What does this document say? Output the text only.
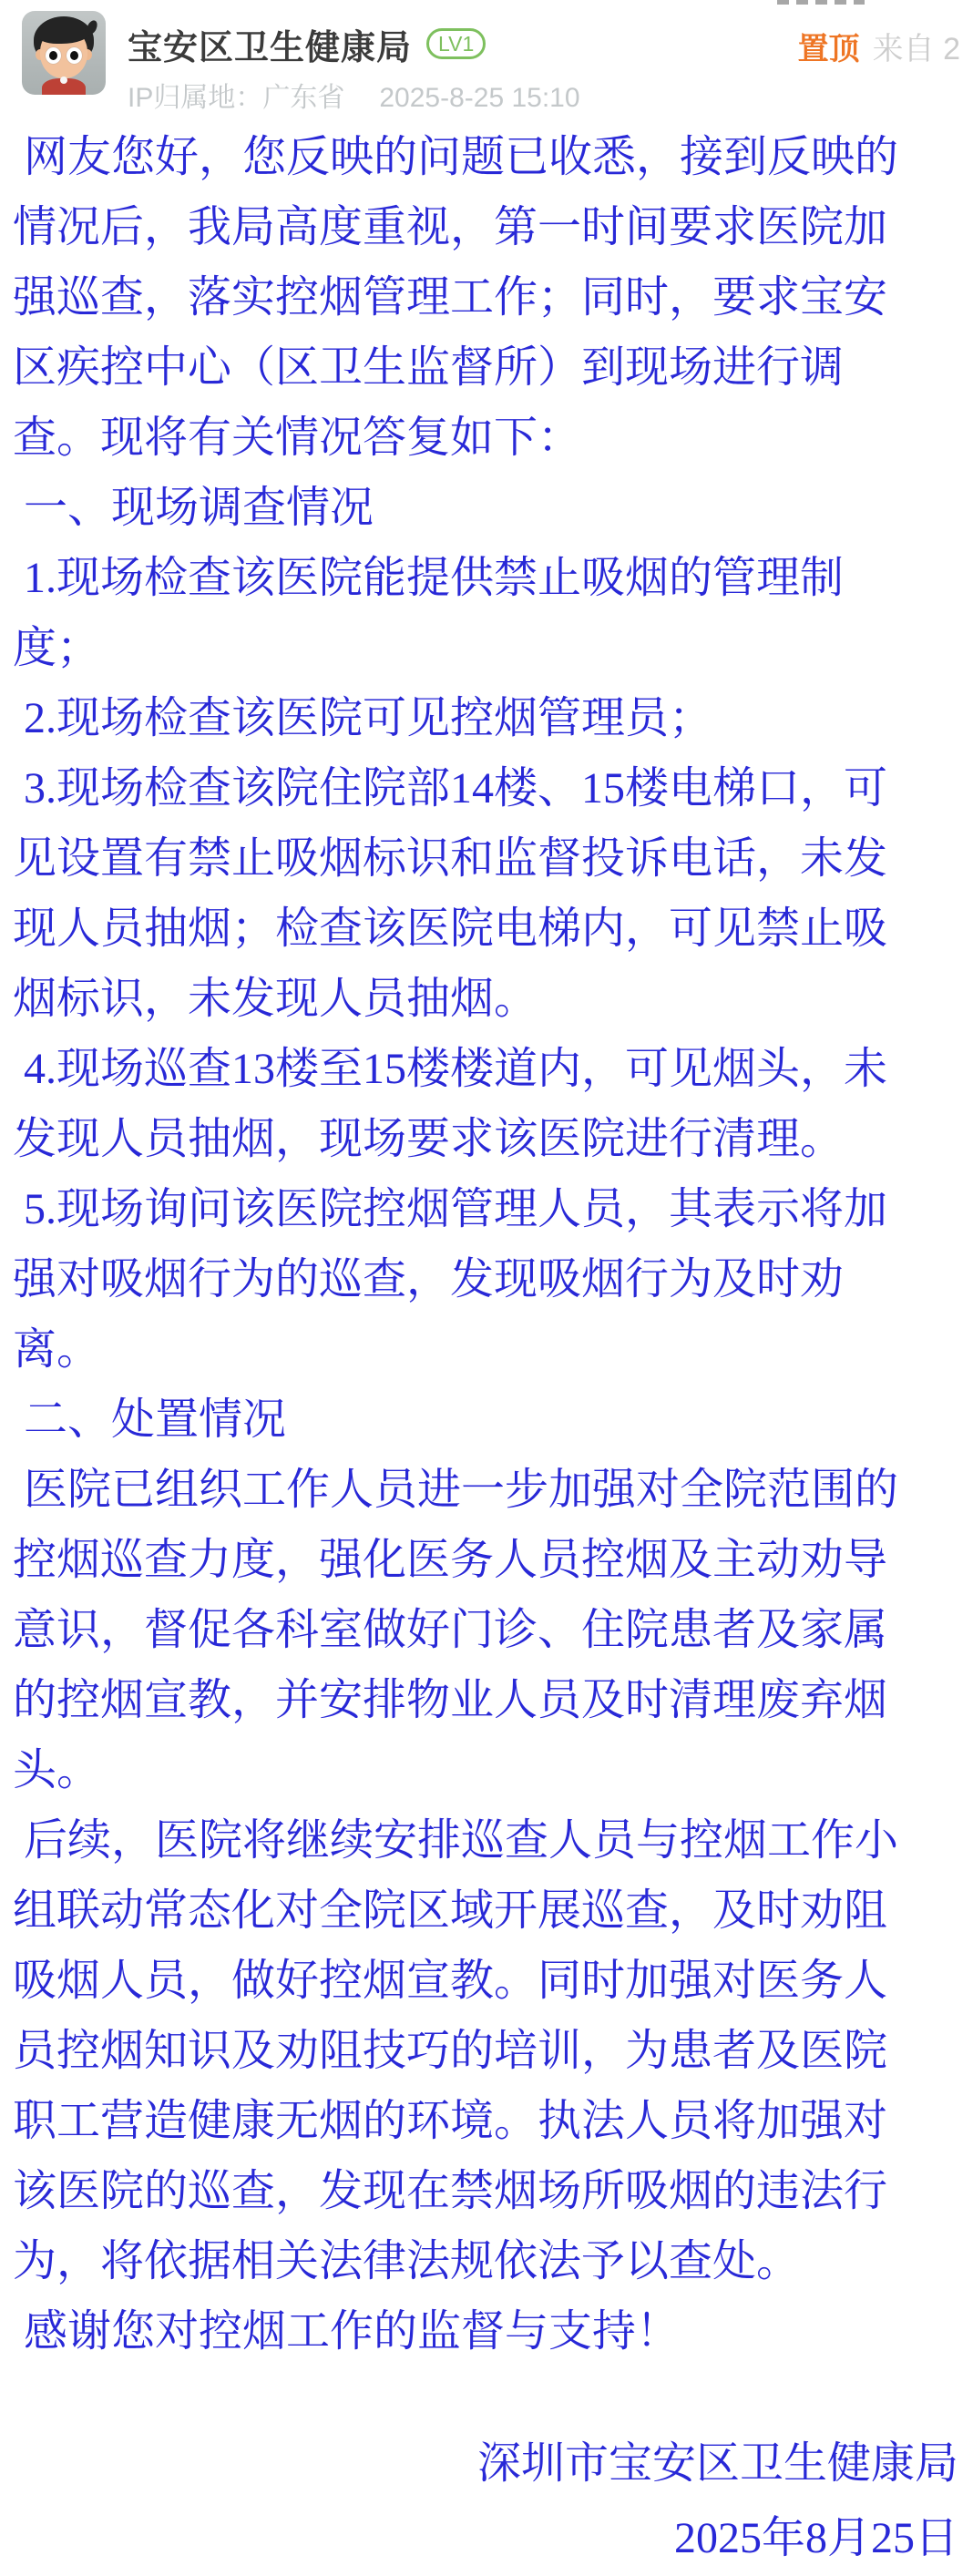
宝安区卫生健康局	LV1
IP归属地：广东省 2025-8-25 15:10
置顶 来自 2
网友您好，您反映的问题已收悉，接到反映的
情况后，我局高度重视，第一时间要求医院加
强巡查，落实控烟管理工作；同时，要求宝安
区疾控中心（区卫生监督所）到现场进行调
查。现将有关情况答复如下：
一、现场调查情况
1.现场检查该医院能提供禁止吸烟的管理制
度；
2.现场检查该医院可见控烟管理员；
3.现场检查该院住院部14楼、15楼电梯口，可
见设置有禁止吸烟标识和监督投诉电话，未发
现人员抽烟；检查该医院电梯内，可见禁止吸
烟标识，未发现人员抽烟。
4.现场巡查13楼至15楼楼道内，可见烟头，未
发现人员抽烟，现场要求该医院进行清理。
5.现场询问该医院控烟管理人员，其表示将加
强对吸烟行为的巡查，发现吸烟行为及时劝
离。
二、处置情况
医院已组织工作人员进一步加强对全院范围的
控烟巡查力度，强化医务人员控烟及主动劝导
意识，督促各科室做好门诊、住院患者及家属
的控烟宣教，并安排物业人员及时清理废弃烟
头。
后续，医院将继续安排巡查人员与控烟工作小
组联动常态化对全院区域开展巡查，及时劝阻
吸烟人员，做好控烟宣教。同时加强对医务人
员控烟知识及劝阻技巧的培训，为患者及医院
职工营造健康无烟的环境。执法人员将加强对
该医院的巡查，发现在禁烟场所吸烟的违法行
为，将依据相关法律法规依法予以查处。
感谢您对控烟工作的监督与支持！
深圳市宝安区卫生健康局
2025年8月25日
